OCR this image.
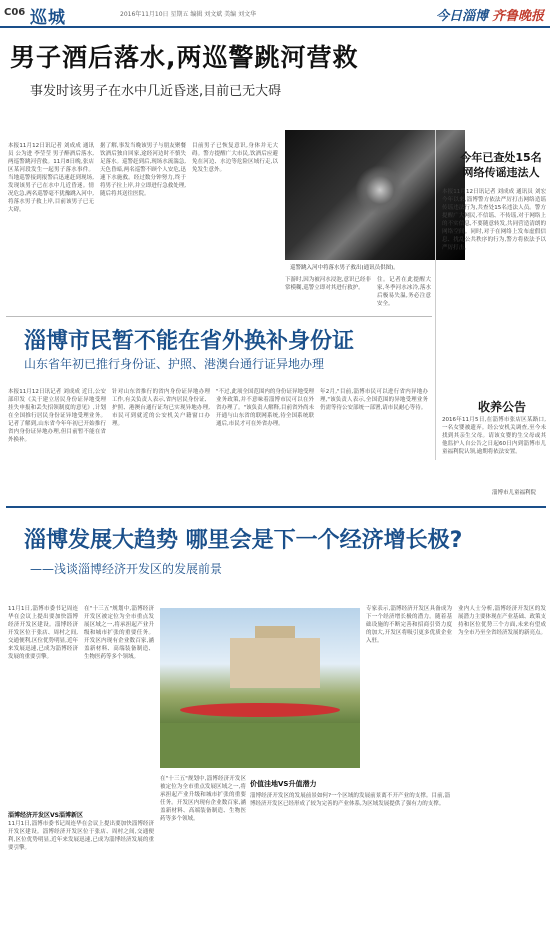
C06 巡城	2016年11月10日 星期五 编辑 刘文斌 美编 刘文华	今日淄博 齐鲁晚报
男子酒后落水,两巡警跳河营救
事发时该男子在水中几近昏迷,目前已无大碍
本报11月12日讯记者 刘成成 通讯员 公为进 李莹莹 男子醉酒后落水,两巡警跳河营救。11月8日晚,张店区某河段发生一起男子落水事件。当地巡警接到报警后迅速赶到现场,发现该男子已在水中几近昏迷。情况危急,两名巡警毫不犹豫跳入河中,将落水男子救上岸,目前该男子已无大碍。
据了解,事发当晚该男子与朋友聚餐饮酒后独自回家,途经河边时不慎失足落水。巡警赶到后,现场水流湍急,天色昏暗,两名巡警不顾个人安危,迅速下水施救。经过数分钟努力,终于将男子拉上岸,并立即进行急救处理,随后将其送往医院。
目前男子已恢复意识,身体并无大碍。警方提醒广大市民,饮酒后应避免在河边、水边等危险区域行走,以免发生意外。
巡警跳入河中将落水男子救出(通讯员供图)。
下游时,因为被河水浸泡,意识已经非常模糊,巡警立即对其进行救护。
住。记者在此提醒大家,冬季河水冰冷,落水后极易失温,务必注意安全。
今年已查处15名网络传谣违法人
本报11月12日讯记者 刘成成 通讯员 刘宏 今年以来,淄博警方依法严厉打击网络造谣传谣违法行为,共查处15名违法人员。警方提醒广大网民,不信谣、不传谣,对于网络上的不实信息,不要随意转发,共同营造清朗的网络空间。同时,对于在网络上发布虚假信息、扰乱公共秩序的行为,警方将依法予以严厉打击。
淄博市民暂不能在省外换补身份证
山东省年初已推行身份证、护照、港澳台通行证异地办理
本报11月12日讯记者 刘成成 近日,公安部印发《关于建立居民身份证异地受理挂失申报和丢失招领制度的意见》,计划在全国推行居民身份证异地受理业务。记者了解到,山东省今年年初已开始推行省内身份证异地办理,但目前暂不能在省外换补。
针对山东省推行的省内身份证异地办理工作,有关负责人表示,省内居民身份证、护照、港澳台通行证均已实现异地办理,市民可到就近的公安机关户籍窗口办理。
"不过,此项全国范围内的身份证异地受理业务政策,并不意味着淄博市民可以在外省办理了。"该负责人解释,目前省外尚未开通与山东省的联网系统,待全国系统联通后,市民才可在外省办理。
年2月,"目前,淄博市民可以进行省内异地办理,"该负责人表示,全国范围的异地受理业务仍需等待公安部统一部署,请市民耐心等待。	收养公告
2016年11月5日,在淄博市张店区某路口,一名女婴被遗弃。经公安机关调查,至今未找到其亲生父母。请该女婴的生父母或其他监护人自公告之日起60日内到淄博市儿童福利院认领,逾期将依法安置。
淄博市儿童福利院
淄博发展大趋势 哪里会是下一个经济增长极?
——浅谈淄博经济开发区的发展前景
11月1日,淄博市委书记周连华在会议上提出要加快淄博经济开发区建设。淄博经济开发区位于张店、周村之间,交通便利,区位优势明显,近年来发展迅速,已成为淄博经济发展的重要引擎。
在"十三五"规划中,淄博经济开发区被定位为全市重点发展区域之一,将承担起产业升级和城市扩张的重要任务。开发区内现有企业数百家,涵盖新材料、高端装备制造、生物医药等多个领域。
专家表示,淄博经济开发区具备成为下一个经济增长极的潜力。随着基础设施的不断完善和招商引资力度的加大,开发区将吸引更多优质企业入驻。
业内人士分析,淄博经济开发区的发展潜力主要体现在产业基础、政策支持和区位优势三个方面,未来有望成为全市乃至全省经济发展的新亮点。
价值洼地VS升值潜力
淄博经济开发区VS淄博新区
11月1日,淄博市委书记周连华在会议上提出要加快淄博经济开发区建设。淄博经济开发区位于张店、周村之间,交通便利,区位优势明显,近年来发展迅速,已成为淄博经济发展的重要引擎。
在"十三五"规划中,淄博经济开发区被定位为全市重点发展区域之一,将承担起产业升级和城市扩张的重要任务。开发区内现有企业数百家,涵盖新材料、高端装备制造、生物医药等多个领域。
淄博经济开发区的发展前景如何?一个区域的发展前景离不开产业的支撑。目前,淄博经济开发区已经形成了较为完善的产业体系,为区域发展提供了强有力的支撑。
